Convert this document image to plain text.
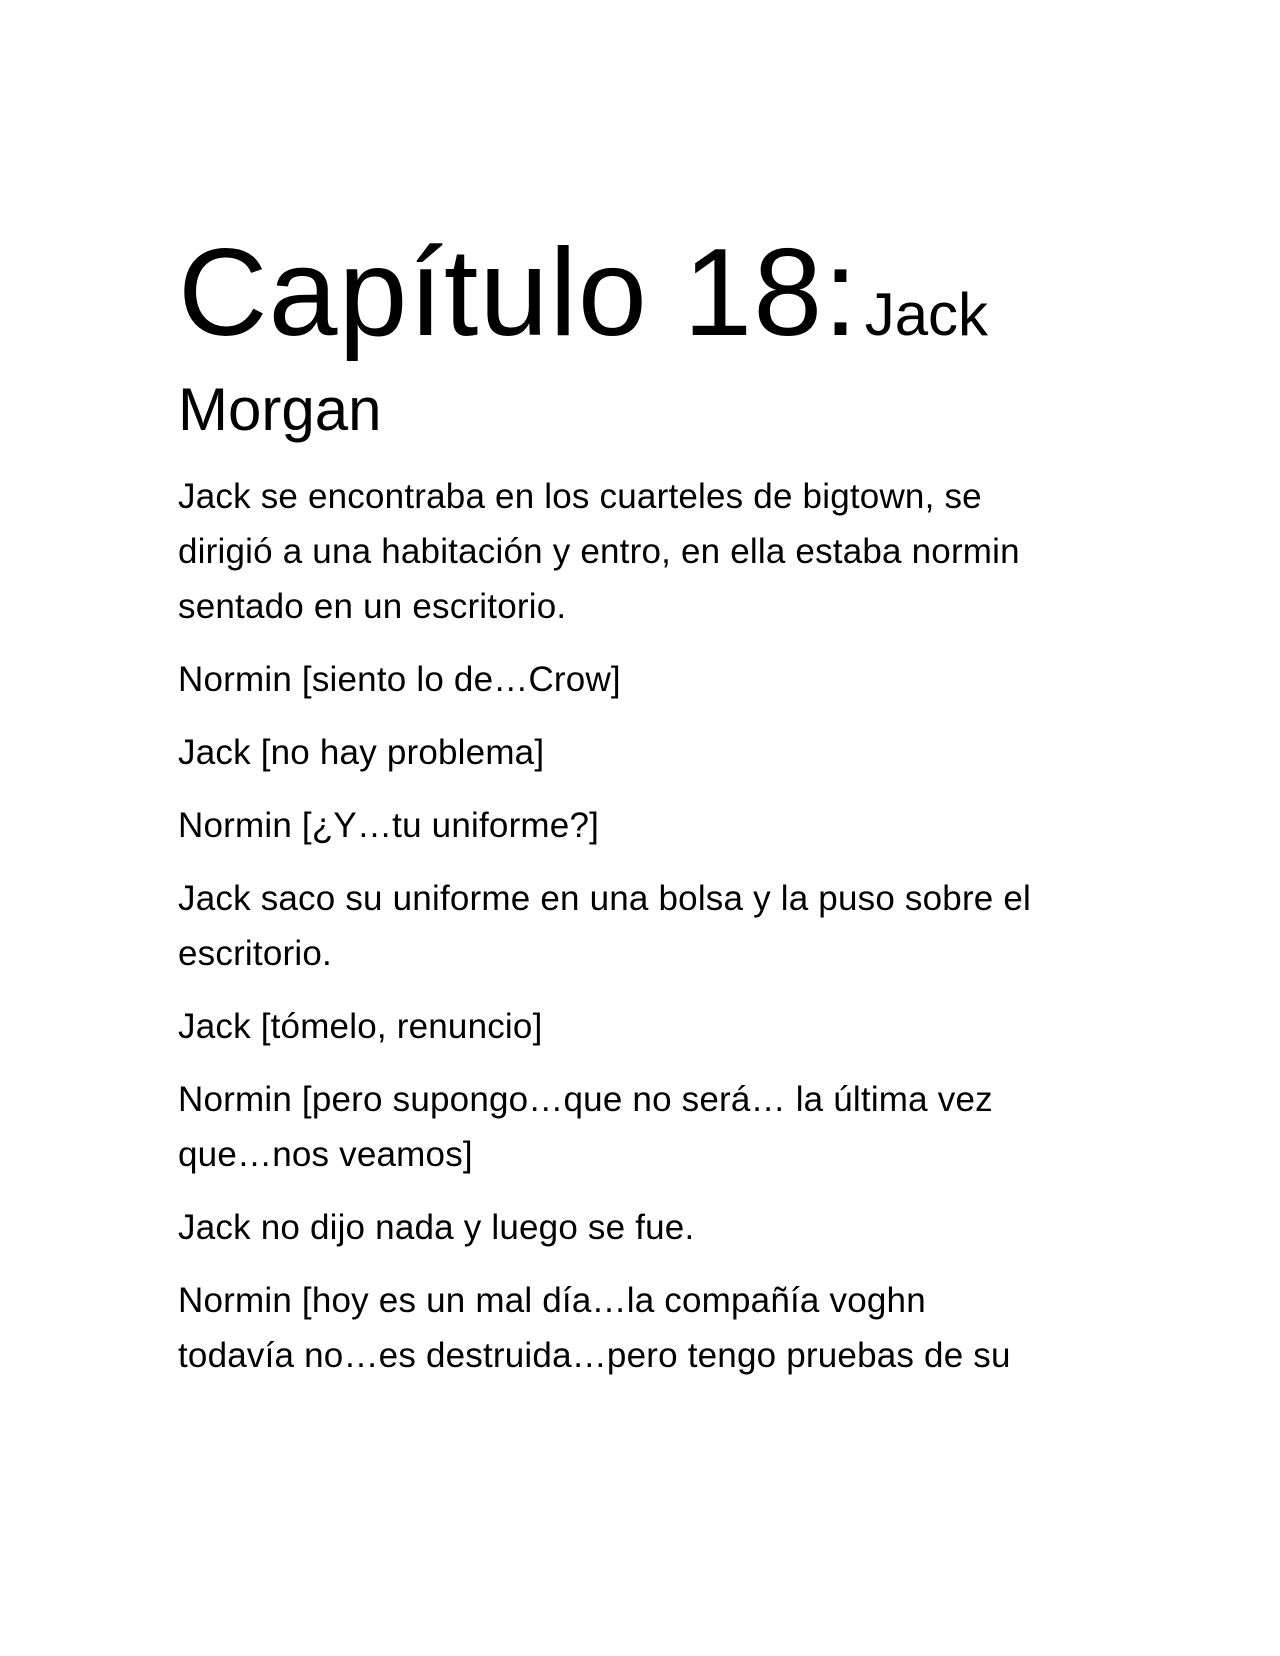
Capítulo 18: Jack
Morgan

Jack se encontraba en los cuarteles de bigtown, se
dirigió a una habitación y entro, en ella estaba normin
sentado en un escritorio.

Normin [siento lo de…Crow]

Jack [no hay problema]

Normin [¿Y…tu uniforme?]

Jack saco su uniforme en una bolsa y la puso sobre el
escritorio.

Jack [tómelo, renuncio]

Normin [pero supongo…que no será… la última vez
que…nos veamos]

Jack no dijo nada y luego se fue.

Normin [hoy es un mal día…la compañía voghn
todavía no…es destruida…pero tengo pruebas de su
